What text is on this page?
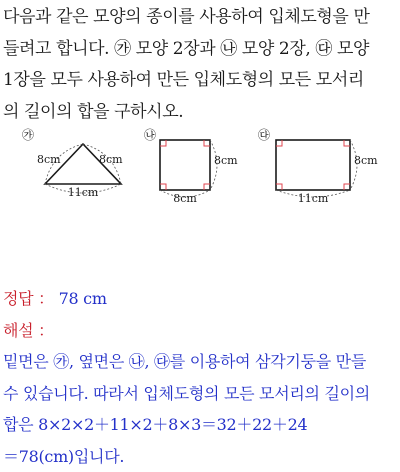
다음과 같은 모양의 종이를 사용하여 입체도형을 만
들려고 합니다. ㉮ 모양 2장과 ㉯ 모양 2장, ㉰ 모양
1장을 모두 사용하여 만든 입체도형의 모든 모서리
의 길이의 합을 구하시오.
㉮
8cm	8cm
11cm
㉯
8cm
8cm
㉰
8cm
11cm
정답 ： 78 cm
해설 ：
밑면은 ㉮, 옆면은 ㉯, ㉰를 이용하여 삼각기둥을 만들
수 있습니다. 따라서 입체도형의 모든 모서리의 길이의
합은 8×2×2＋11×2＋8×3＝32＋22＋24
＝78(cm)입니다.
